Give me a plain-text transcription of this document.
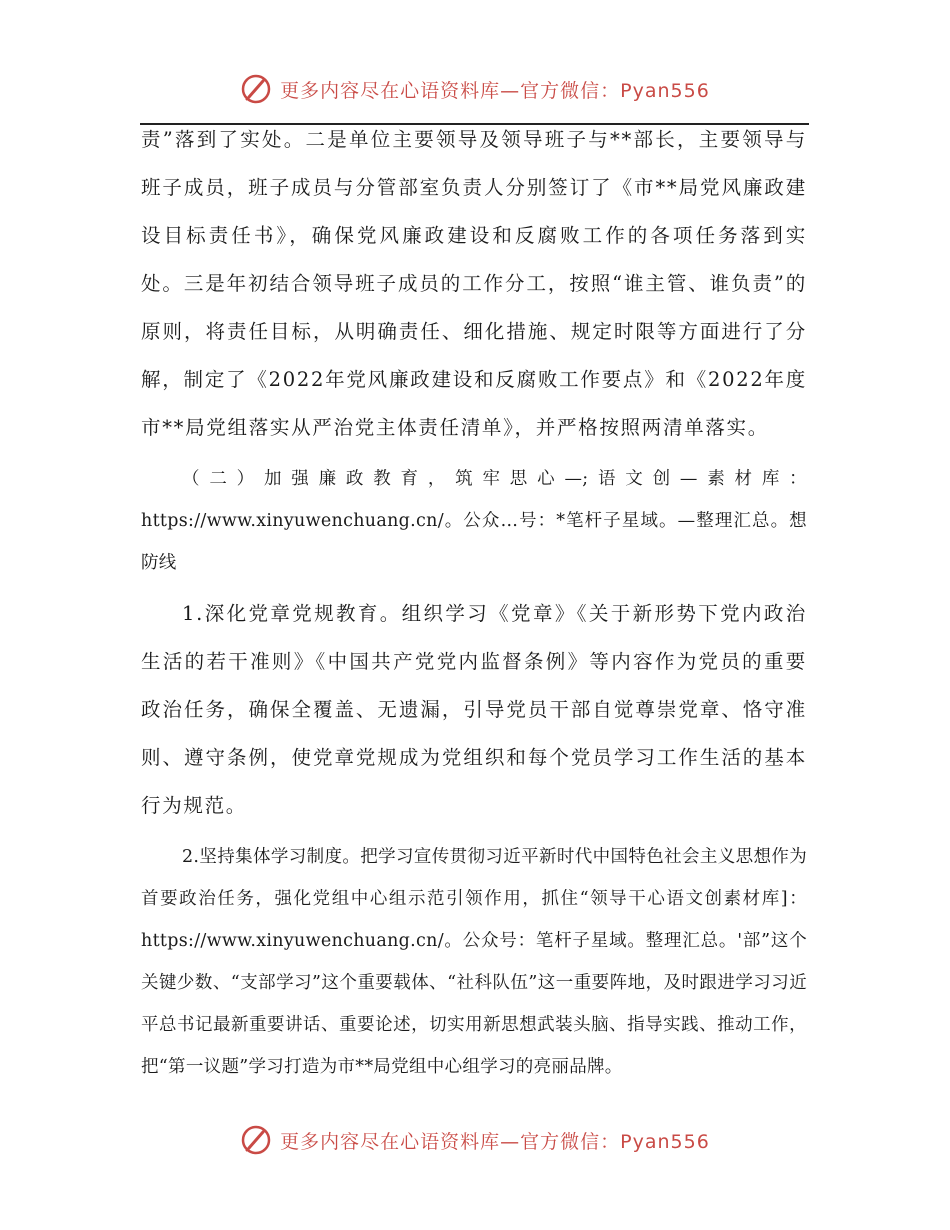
更多内容尽在心语资料库—官方微信：Pyan556

责”落到了实处。二是单位主要领导及领导班子与**部长，主要领导与班子成员，班子成员与分管部室负责人分别签订了《市**局党风廉政建设目标责任书》，确保党风廉政建设和反腐败工作的各项任务落到实处。三是年初结合领导班子成员的工作分工，按照“谁主管、谁负责”的原则，将责任目标，从明确责任、细化措施、规定时限等方面进行了分解，制定了《2022年党风廉政建设和反腐败工作要点》和《2022年度市**局党组落实从严治党主体责任清单》，并严格按照两清单落实。

（二）加强廉政教育，筑牢思心—;语文创—素材库：https://www.xinyuwenchuang.cn/。公众…号：*笔杆子星域。—整理汇总。想防线

1.深化党章党规教育。组织学习《党章》《关于新形势下党内政治生活的若干准则》《中国共产党党内监督条例》等内容作为党员的重要政治任务，确保全覆盖、无遗漏，引导党员干部自觉尊崇党章、恪守准则、遵守条例，使党章党规成为党组织和每个党员学习工作生活的基本行为规范。

2.坚持集体学习制度。把学习宣传贯彻习近平新时代中国特色社会主义思想作为首要政治任务，强化党组中心组示范引领作用，抓住“领导干心语文创素材库]：https://www.xinyuwenchuang.cn/。公众号：笔杆子星域。整理汇总。'部”这个关键少数、“支部学习”这个重要载体、“社科队伍”这一重要阵地，及时跟进学习习近平总书记最新重要讲话、重要论述，切实用新思想武装头脑、指导实践、推动工作，把“第一议题”学习打造为市**局党组中心组学习的亮丽品牌。

更多内容尽在心语资料库—官方微信：Pyan556
